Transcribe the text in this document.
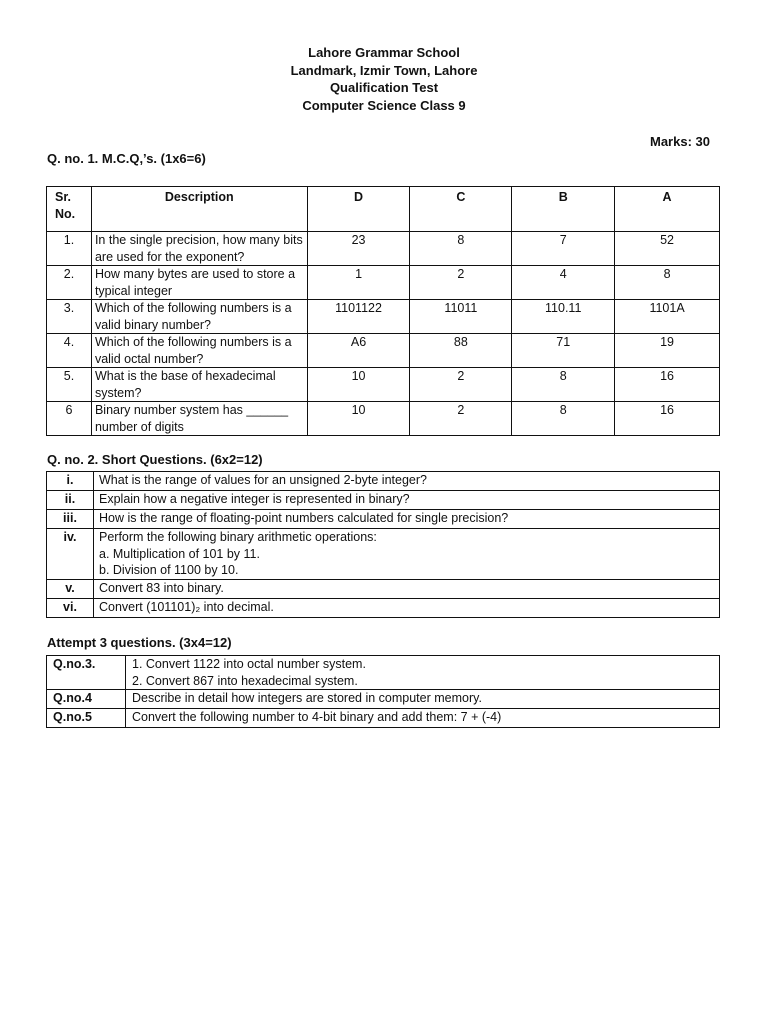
Lahore Grammar School
Landmark, Izmir Town, Lahore
Qualification Test
Computer Science Class 9
Marks: 30
Q. no. 1. M.C.Q,’s. (1x6=6)
Sr.
No.	Description	D	C	B	A
1.	In the single precision, how many bits are used for the exponent?	23	8	7	52
2.	How many bytes are used to store a typical integer	1	2	4	8
3.	Which of the following numbers is a valid binary number?	1101122	11011	110.11	1101A
4.	Which of the following numbers is a valid octal number?	A6	88	71	19
5.	What is the base of hexadecimal system?	10	2	8	16
6	Binary number system has ______ number of digits	10	2	8	16
Q. no. 2. Short Questions. (6x2=12)
i.	What is the range of values for an unsigned 2-byte integer?

ii.	Explain how a negative integer is represented in binary?

iii.	How is the range of floating-point numbers calculated for single precision?

iv.	Perform the following binary arithmetic operations:
a. Multiplication of 101 by 11.
b. Division of 1100 by 10.

v.	Convert 83 into binary.

vi.	Convert (101101)₂ into decimal.
Attempt 3 questions. (3x4=12)
Q.no.3.	1. Convert 1122 into octal number system.
2. Convert 867 into hexadecimal system.

Q.no.4	Describe in detail how integers are stored in computer memory.

Q.no.5	Convert the following number to 4-bit binary and add them: 7 + (-4)
